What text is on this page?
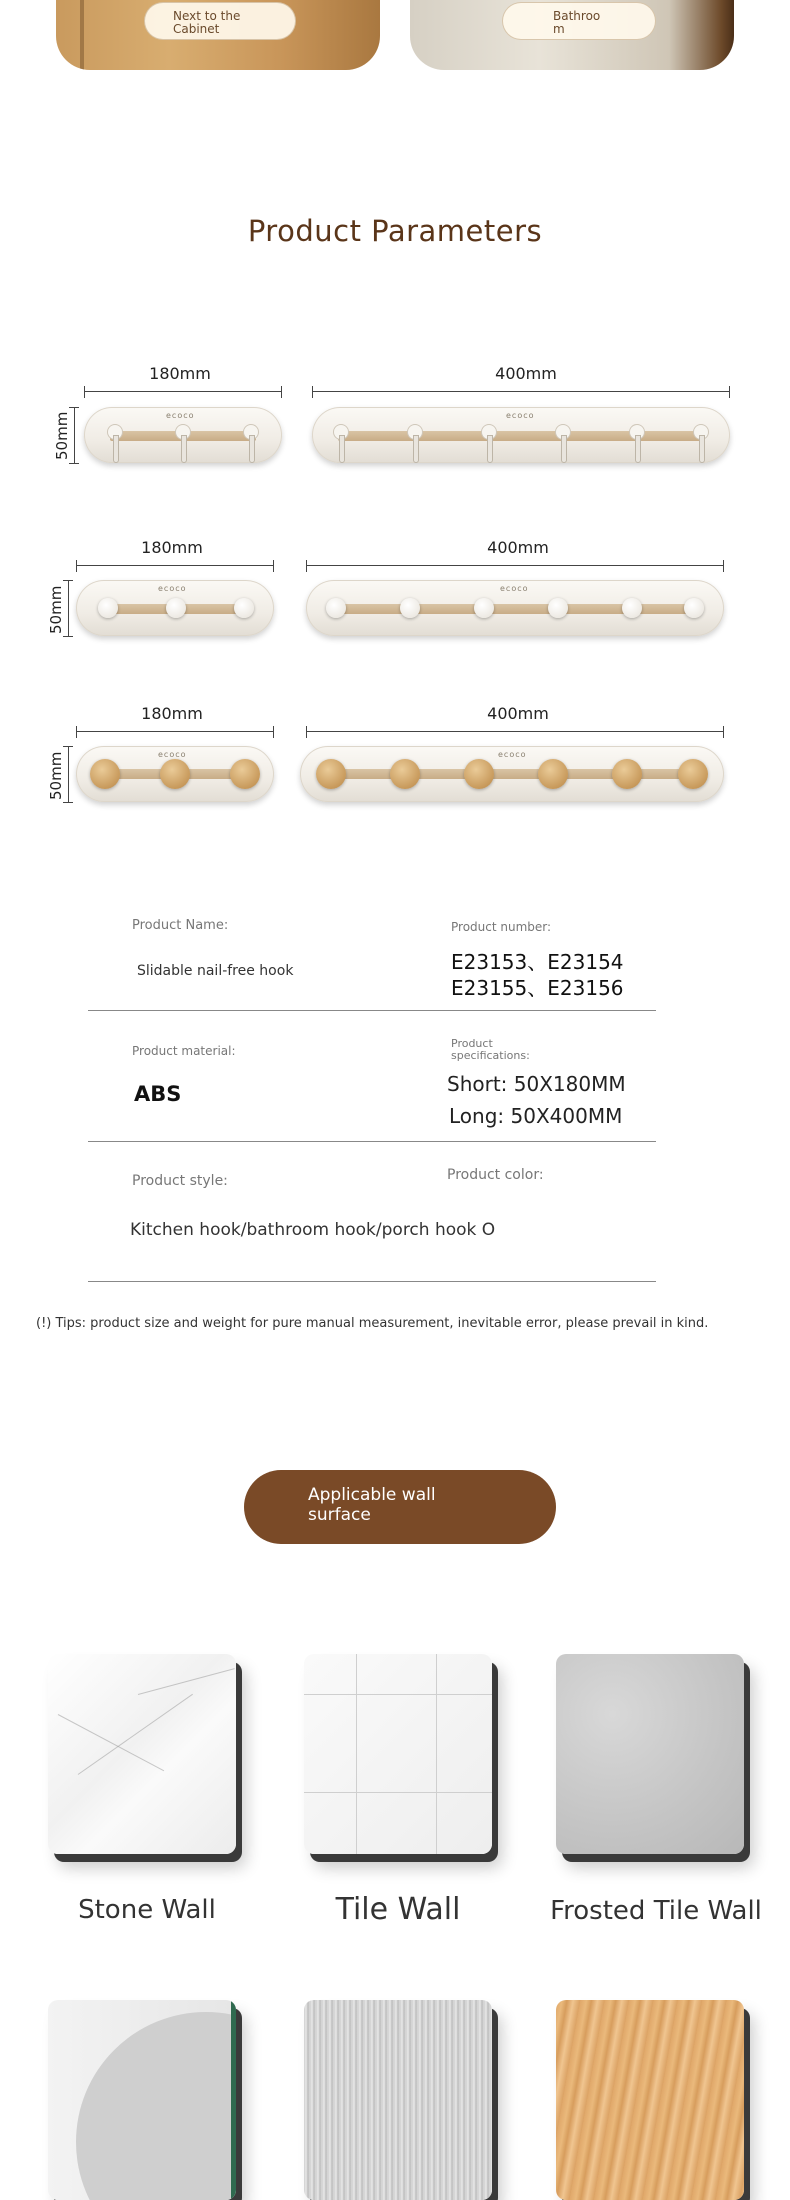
Next to the Cabinet
Bathroom
Product Parameters
180mm	400mm
50mm	ecoco	ecoco
180mm	400mm
50mm	ecoco	ecoco
180mm	400mm
50mm	ecoco	ecoco
Product Name:
Slidable nail-free hook
Product number:
E23153、E23154
E23155、E23156
Product material:
ABS
Product
specifications:
Short: 50X180MM
Long: 50X400MM
Product style:	Product color:
Kitchen hook/bathroom hook/porch hook O
(!) Tips: product size and weight for pure manual measurement, inevitable error, please prevail in kind.
Applicable wall
surface
Stone Wall	Tile Wall	Frosted Tile Wall
